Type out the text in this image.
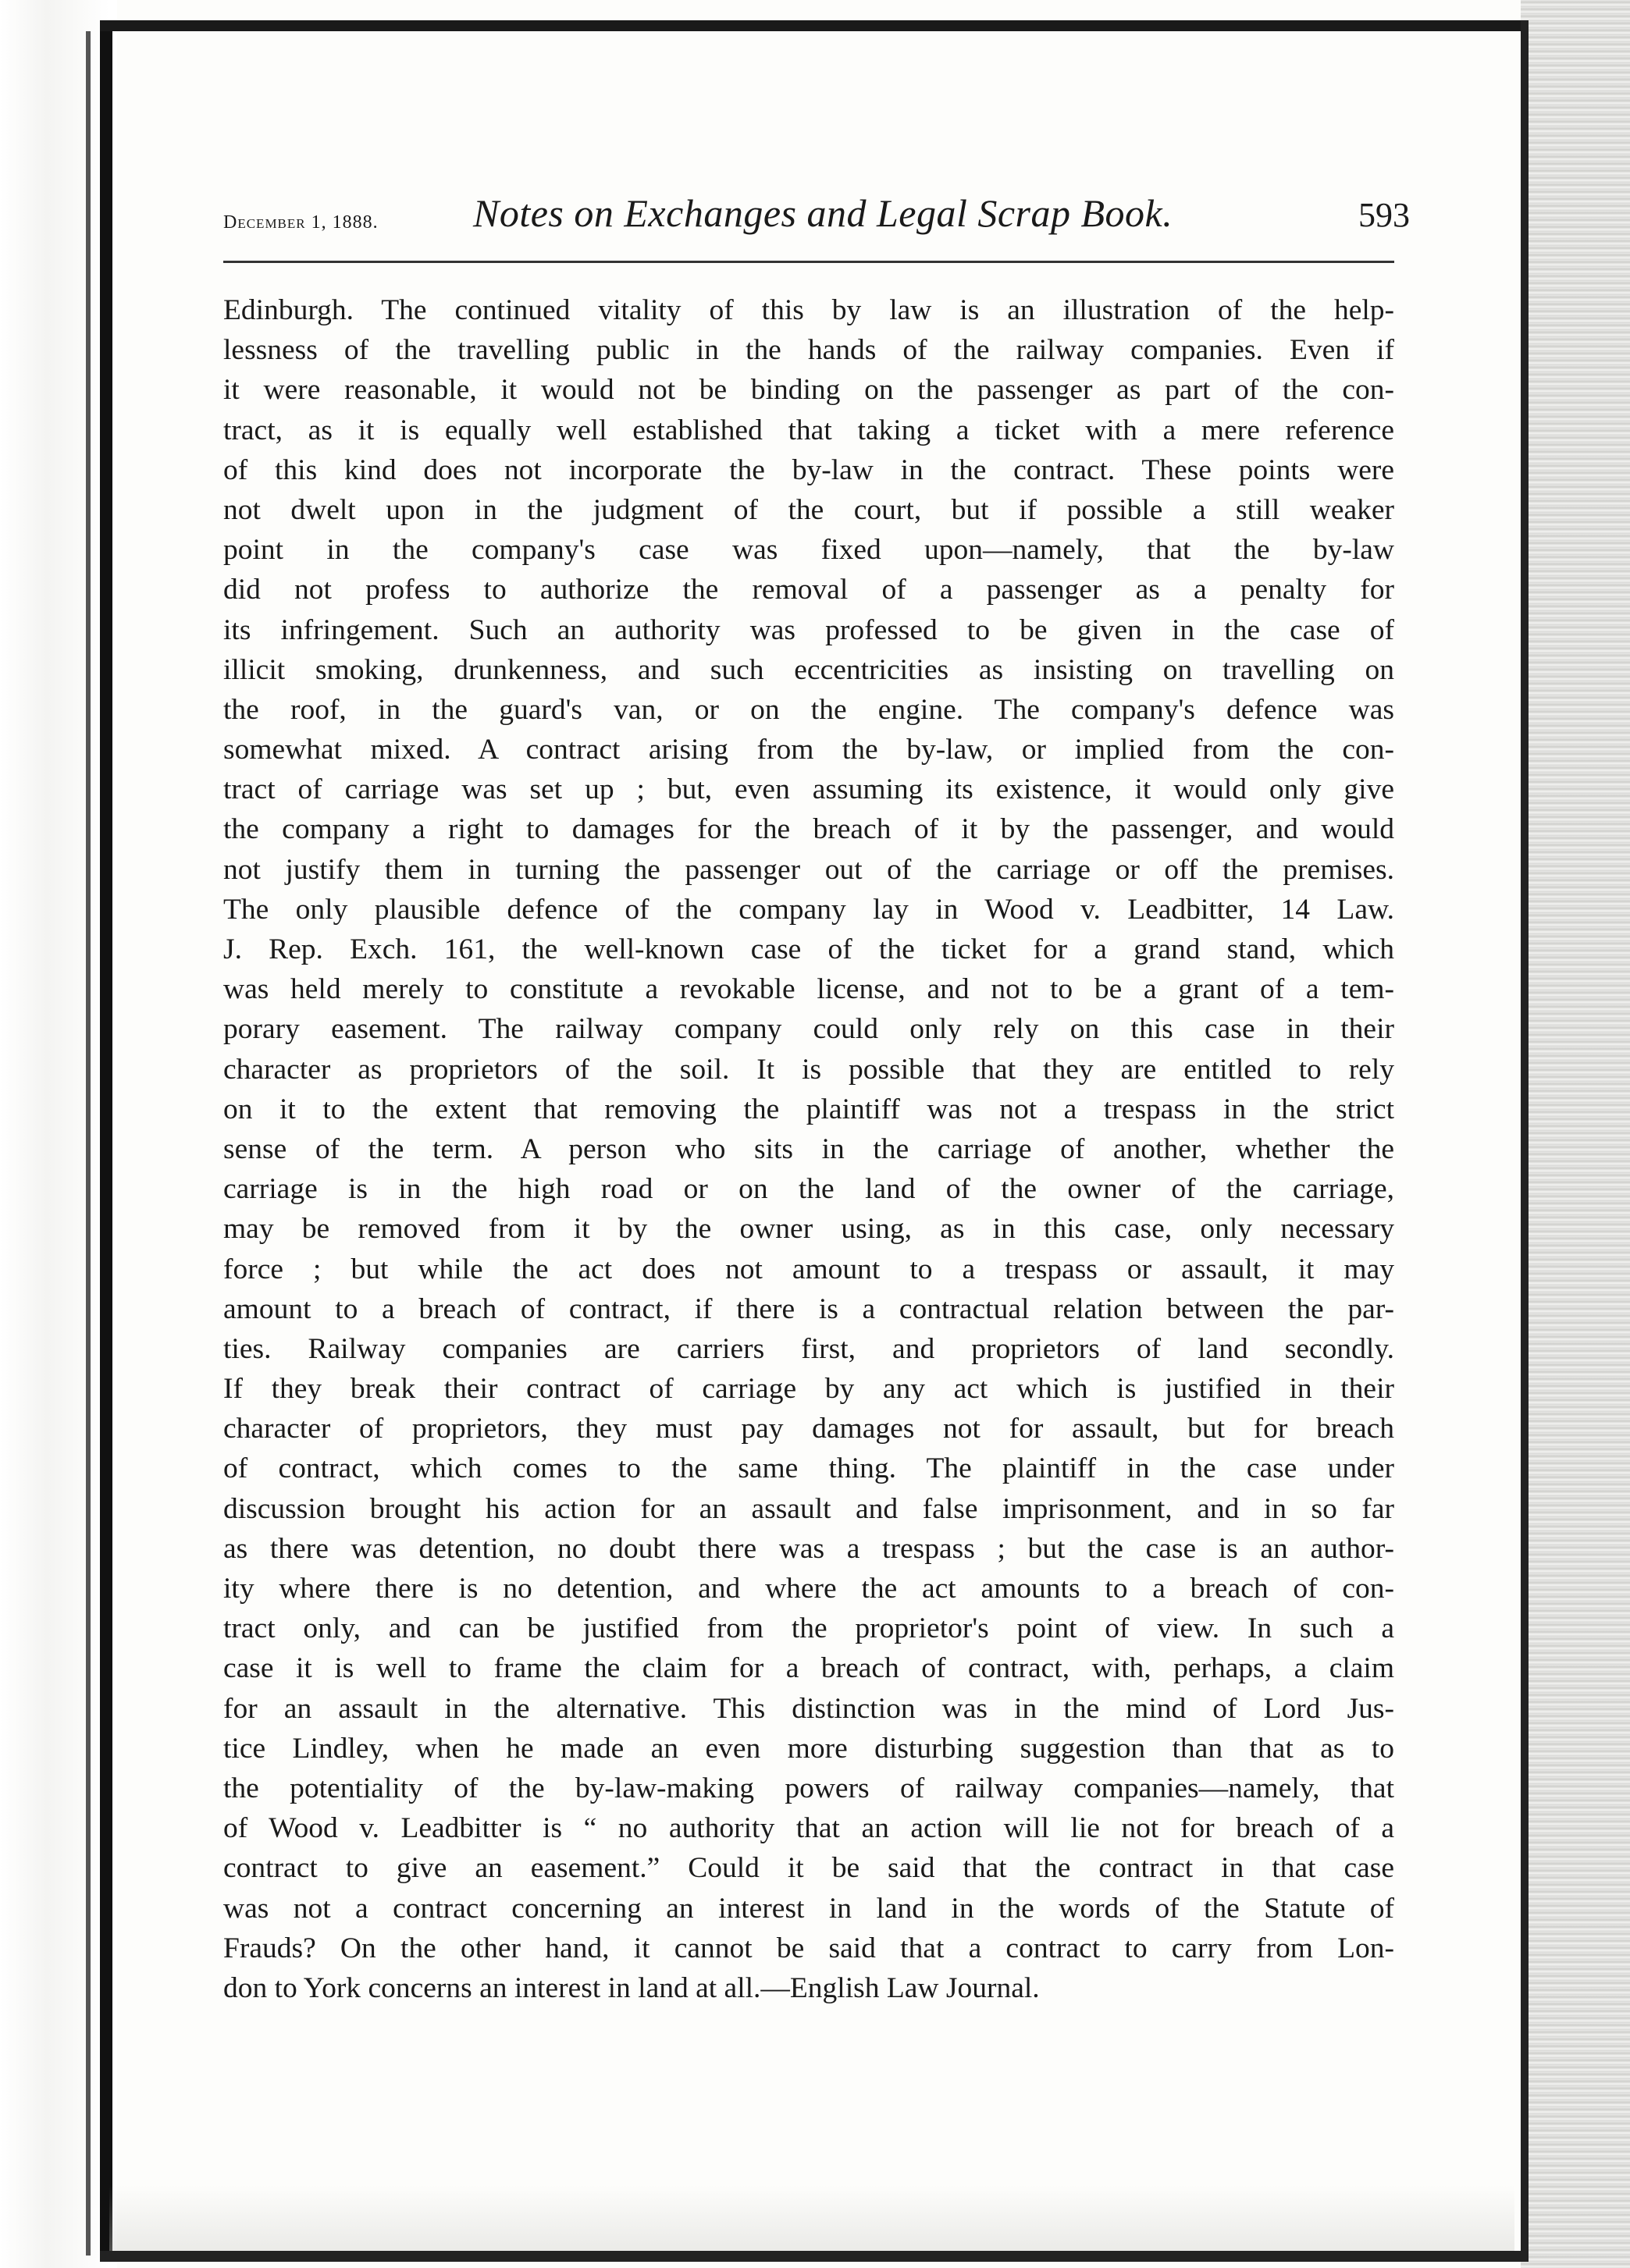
December 1, 1888. Notes on Exchanges and Legal Scrap Book.	593
Edinburgh. The continued vitality of this by law is an illustration of the help-
lessness of the travelling public in the hands of the railway companies. Even if
it were reasonable, it would not be binding on the passenger as part of the con-
tract, as it is equally well established that taking a ticket with a mere reference
of this kind does not incorporate the by-law in the contract. These points were
not dwelt upon in the judgment of the court, but if possible a still weaker
point in the company's case was fixed upon—namely, that the by-law
did not profess to authorize the removal of a passenger as a penalty for
its infringement. Such an authority was professed to be given in the case of
illicit smoking, drunkenness, and such eccentricities as insisting on travelling on
the roof, in the guard's van, or on the engine. The company's defence was
somewhat mixed. A contract arising from the by-law, or implied from the con-
tract of carriage was set up ; but, even assuming its existence, it would only give
the company a right to damages for the breach of it by the passenger, and would
not justify them in turning the passenger out of the carriage or off the premises.
The only plausible defence of the company lay in Wood v. Leadbitter, 14 Law.
J. Rep. Exch. 161, the well-known case of the ticket for a grand stand, which
was held merely to constitute a revokable license, and not to be a grant of a tem-
porary easement. The railway company could only rely on this case in their
character as proprietors of the soil. It is possible that they are entitled to rely
on it to the extent that removing the plaintiff was not a trespass in the strict
sense of the term. A person who sits in the carriage of another, whether the
carriage is in the high road or on the land of the owner of the carriage,
may be removed from it by the owner using, as in this case, only necessary
force ; but while the act does not amount to a trespass or assault, it may
amount to a breach of contract, if there is a contractual relation between the par-
ties. Railway companies are carriers first, and proprietors of land secondly.
If they break their contract of carriage by any act which is justified in their
character of proprietors, they must pay damages not for assault, but for breach
of contract, which comes to the same thing. The plaintiff in the case under
discussion brought his action for an assault and false imprisonment, and in so far
as there was detention, no doubt there was a trespass ; but the case is an author-
ity where there is no detention, and where the act amounts to a breach of con-
tract only, and can be justified from the proprietor's point of view. In such a
case it is well to frame the claim for a breach of contract, with, perhaps, a claim
for an assault in the alternative. This distinction was in the mind of Lord Jus-
tice Lindley, when he made an even more disturbing suggestion than that as to
the potentiality of the by-law-making powers of railway companies—namely, that
of Wood v. Leadbitter is “ no authority that an action will lie not for breach of a
contract to give an easement.” Could it be said that the contract in that case
was not a contract concerning an interest in land in the words of the Statute of
Frauds? On the other hand, it cannot be said that a contract to carry from Lon-
don to York concerns an interest in land at all.—English Law Journal.
